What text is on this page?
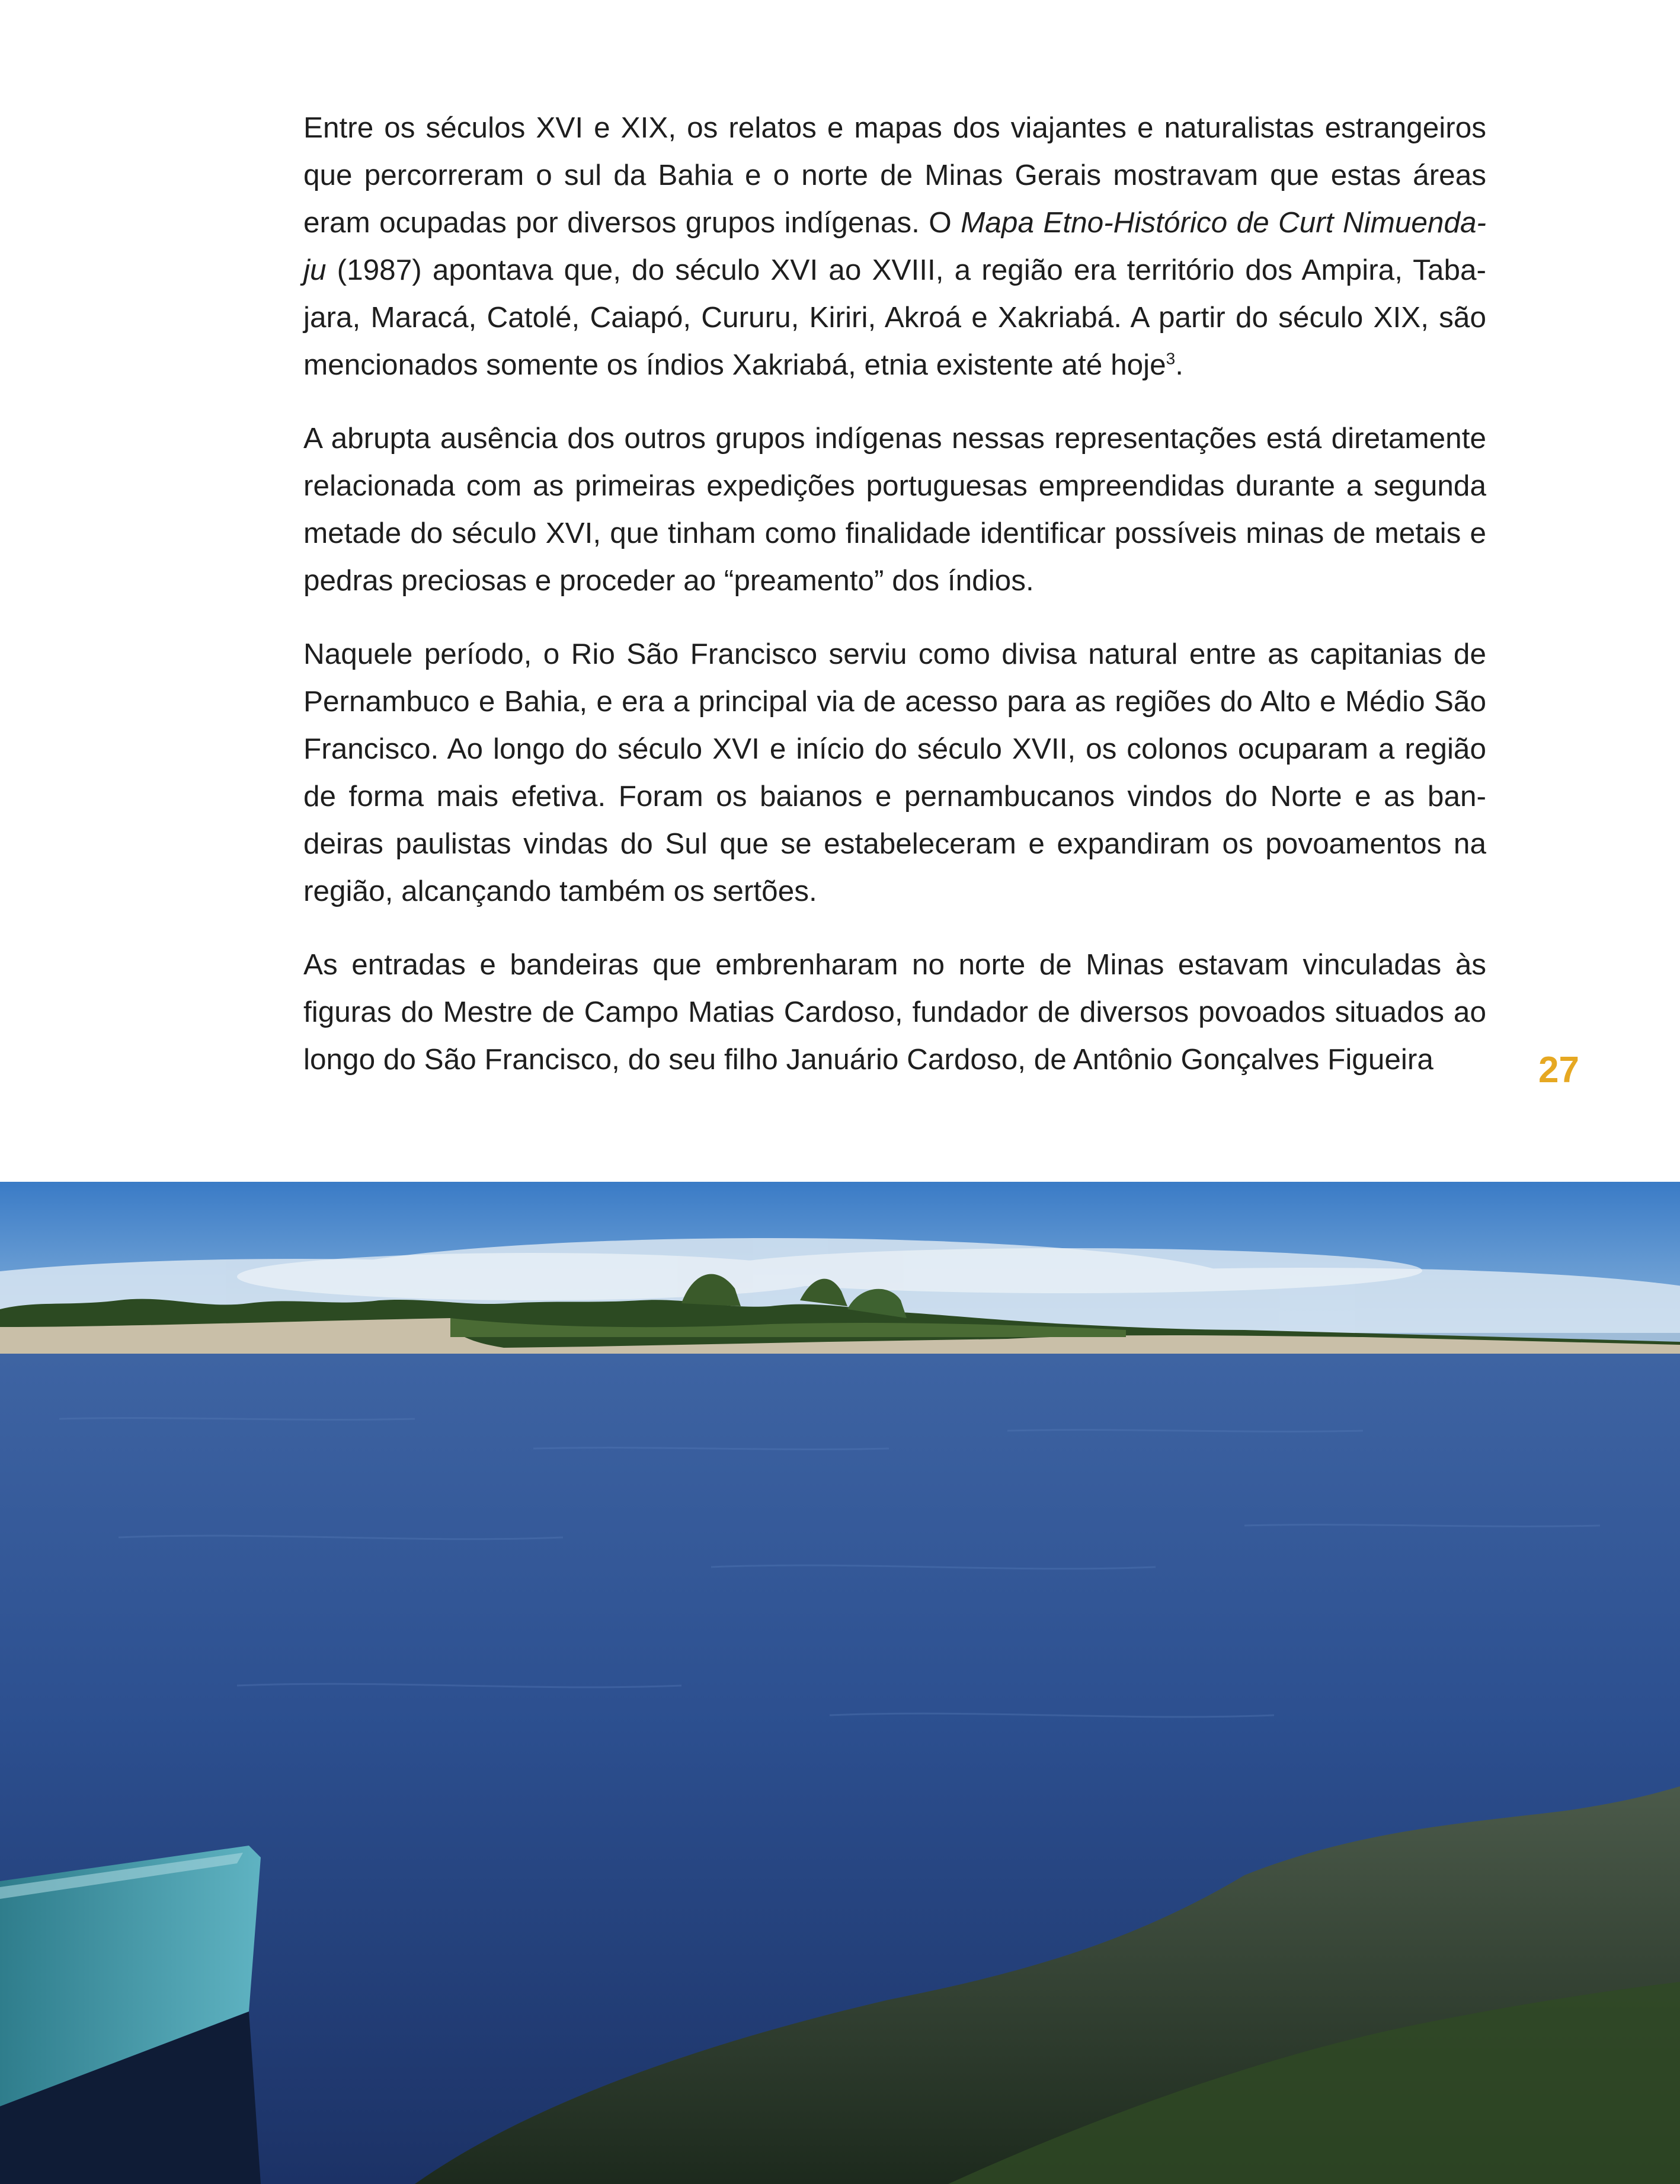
Entre os séculos XVI e XIX, os relatos e mapas dos viajantes e naturalistas estrangeiros que percorreram o sul da Bahia e o norte de Minas Gerais mostravam que estas áreas eram ocupadas por diversos grupos indígenas. O Mapa Etno-Histórico de Curt Nimuendaju (1987) apontava que, do século XVI ao XVIII, a região era território dos Ampira, Tabajara, Maracá, Catolé, Caiapó, Cururu, Kiriri, Akroá e Xakriabá. A partir do século XIX, são mencionados somente os índios Xakriabá, etnia existente até hoje$^3$.

A abrupta ausência dos outros grupos indígenas nessas representações está diretamente relacionada com as primeiras expedições portuguesas empreendidas durante a segunda metade do século XVI, que tinham como finalidade identificar possíveis minas de metais e pedras preciosas e proceder ao “preamento” dos índios.

Naquele período, o Rio São Francisco serviu como divisa natural entre as capitanias de Pernambuco e Bahia, e era a principal via de acesso para as regiões do Alto e Médio São Francisco. Ao longo do século XVI e início do século XVII, os colonos ocuparam a região de forma mais efetiva. Foram os baianos e pernambucanos vindos do Norte e as bandeiras paulistas vindas do Sul que se estabeleceram e expandiram os povoamentos na região, alcançando também os sertões.

As entradas e bandeiras que embrenharam no norte de Minas estavam vinculadas às figuras do Mestre de Campo Matias Cardoso, fundador de diversos povoados situados ao longo do São Francisco, do seu filho Januário Cardoso, de Antônio Gonçalves Figueira	27
